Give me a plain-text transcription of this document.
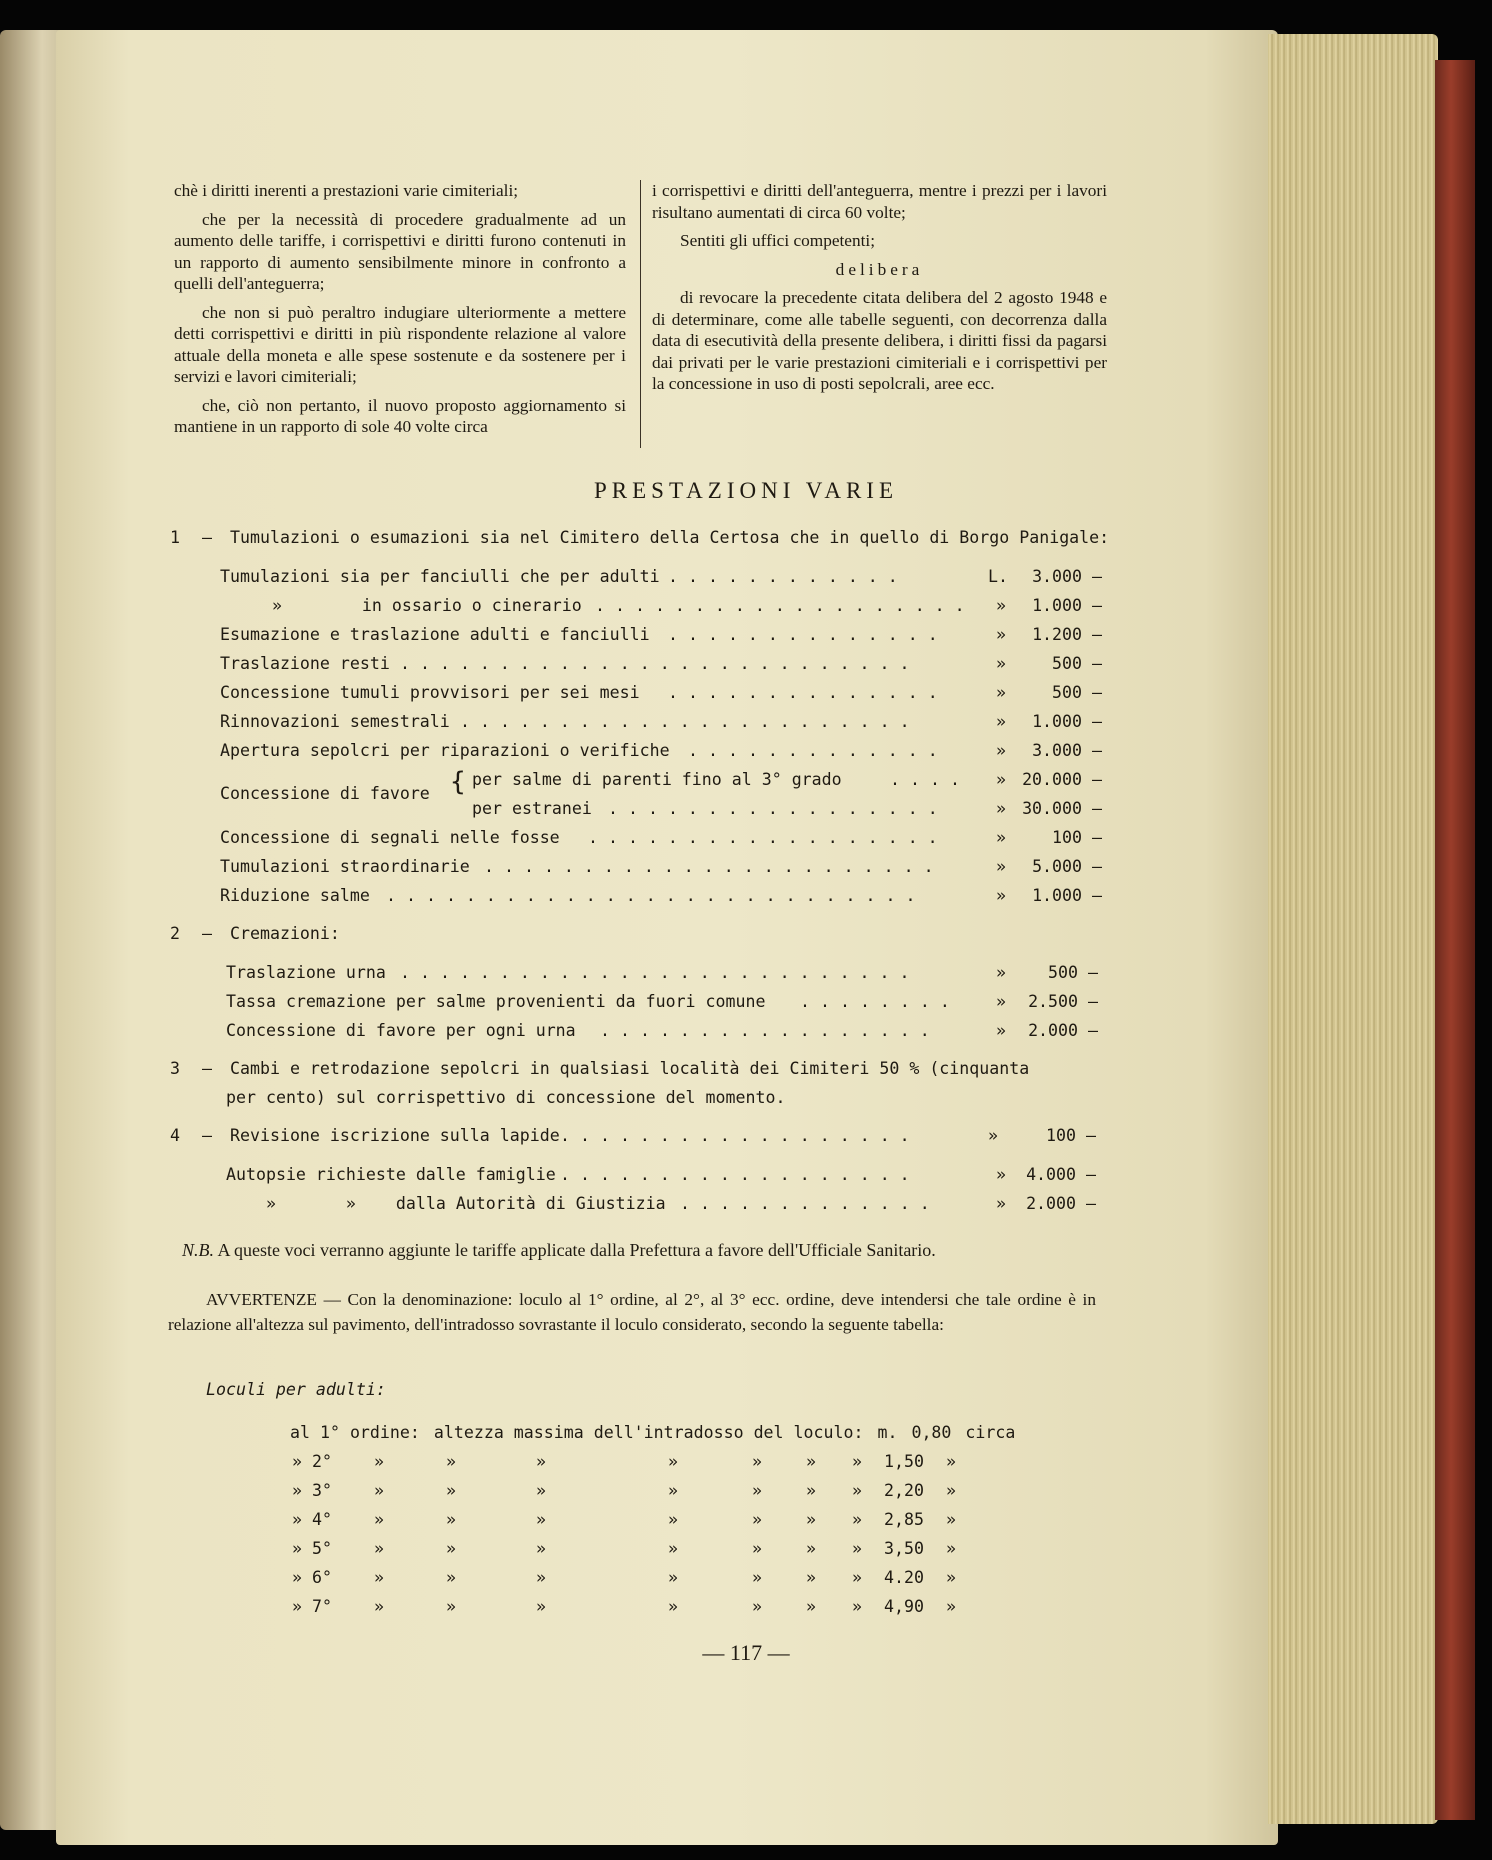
chè i diritti inerenti a prestazioni varie cimiteriali;

che per la necessità di procedere gradualmente ad un aumento delle tariffe, i corrispettivi e diritti furono contenuti in un rapporto di aumento sensibilmente minore in confronto a quelli dell'anteguerra;

che non si può peraltro indugiare ulteriormente a mettere detti corrispettivi e diritti in più rispondente relazione al valore attuale della moneta e alle spese sostenute e da sostenere per i servizi e lavori cimiteriali;

che, ciò non pertanto, il nuovo proposto aggiornamento si mantiene in un rapporto di sole 40 volte circa

i corrispettivi e diritti dell'anteguerra, mentre i prezzi per i lavori risultano aumentati di circa 60 volte;

Sentiti gli uffici competenti;

delibera

di revocare la precedente citata delibera del 2 agosto 1948 e di determinare, come alle tabelle seguenti, con decorrenza dalla data di esecutività della presente delibera, i diritti fissi da pagarsi dai privati per le varie prestazioni cimiteriali e i corrispettivi per la concessione in uso di posti sepolcrali, aree ecc.

PRESTAZIONI VARIE
1 — Tumulazioni o esumazioni sia nel Cimitero della Certosa che in quello di Borgo Panigale:
Tumulazioni sia per fanciulli che per adulti . . . . . . . . . . . .	L.	3.000 —
»        in ossario o cinerario . . . . . . . . . . . . . . . . . . .	»	1.000 —
Esumazione e traslazione adulti e fanciulli . . . . . . . . . . . . . .	»	1.200 —
Traslazione resti . . . . . . . . . . . . . . . . . . . . . . . . . .	»	500 —
Concessione tumuli provvisori per sei mesi . . . . . . . . . . . . . .	»	500 —
Rinnovazioni semestrali . . . . . . . . . . . . . . . . . . . . . . .	»	1.000 —
Apertura sepolcri per riparazioni o verifiche . . . . . . . . . . . . .	»	3.000 —
Concessione di favore { per salme di parenti fino al 3° grado	. . . .	» 20.000 —
per estranei . . . . . . . . . . . . . . . . .	» 30.000 —
Concessione di segnali nelle fosse . . . . . . . . . . . . . . . . . .	»	100 —
Tumulazioni straordinarie . . . . . . . . . . . . . . . . . . . . . . .	»	5.000 —
Riduzione salme . . . . . . . . . . . . . . . . . . . . . . . . . . .	»	1.000 —
2 — Cremazioni:
Traslazione urna . . . . . . . . . . . . . . . . . . . . . . . . . .	»	500 —
Tassa cremazione per salme provenienti da fuori comune . . . . . . . .	»	2.500 —
Concessione di favore per ogni urna . . . . . . . . . . . . . . . . .	»	2.000 —
3 — Cambi e retrodazione sepolcri in qualsiasi località dei Cimiteri 50 % (cinquanta
per cento) sul corrispettivo di concessione del momento.
4 — Revisione iscrizione sulla lapide . . . . . . . . . . . . . . . . . .	»	100 —
Autopsie richieste dalle famiglie . . . . . . . . . . . . . . . . . .	»	4.000 —
»       »    dalla Autorità di Giustizia . . . . . . . . . . . . .	»	2.000 —
N.B. A queste voci verranno aggiunte le tariffe applicate dalla Prefettura a favore dell'Ufficiale Sanitario.
AVVERTENZE — Con la denominazione: loculo al 1° ordine, al 2°, al 3° ecc. ordine, deve intendersi che tale ordine è in relazione all'altezza sul pavimento, dell'intradosso sovrastante il loculo considerato, secondo la seguente tabella:
Loculi per adulti:
al 1° ordine: altezza massima dell'intradosso del loculo: m. 0,80 circa
» 2°	»	»	»	»	»	» » 1,50 »
» 3°	»	»	»	»	»	» » 2,20 »
» 4°	»	»	»	»	»	» » 2,85 »
» 5°	»	»	»	»	»	» » 3,50 »
» 6°	»	»	»	»	»	» » 4.20 »
» 7°	»	»	»	»	»	» » 4,90 »
— 117 —
